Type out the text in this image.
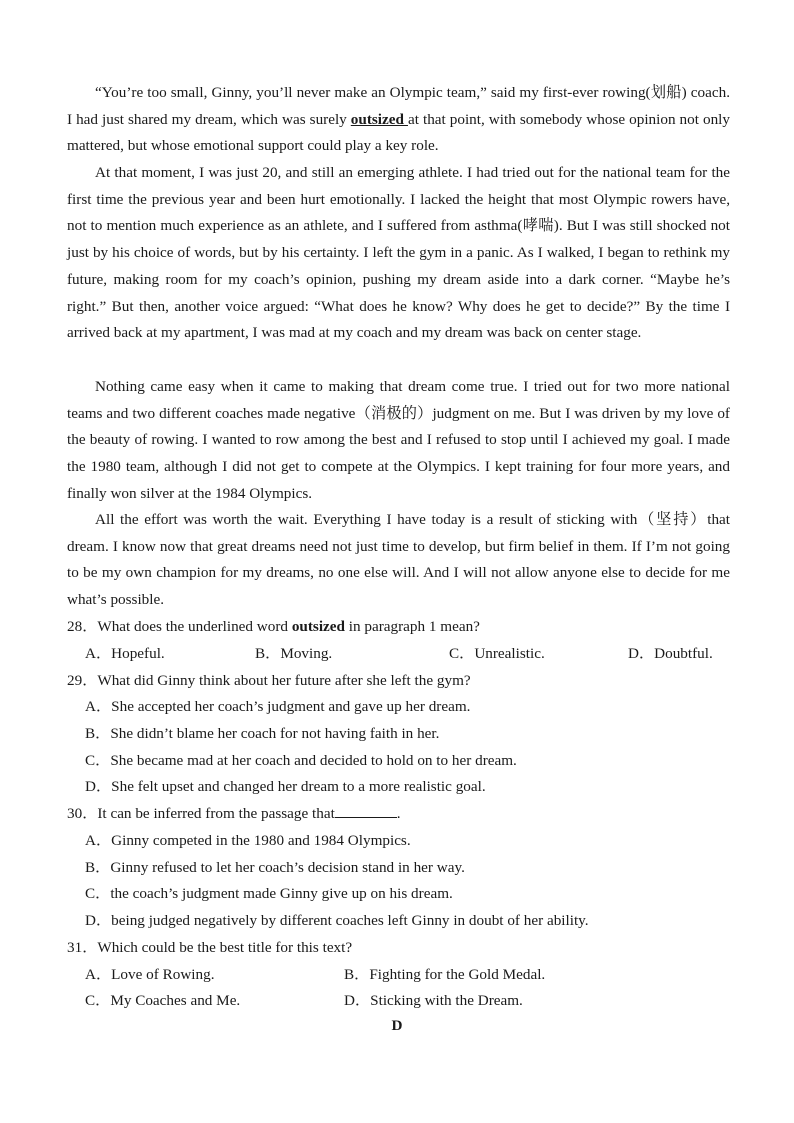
“You’re too small, Ginny, you’ll never make an Olympic team,” said my first-ever rowing(划船) coach. I had just shared my dream, which was surely outsized at that point, with somebody whose opinion not only mattered, but whose emotional support could play a key role.

At that moment, I was just 20, and still an emerging athlete. I had tried out for the national team for the first time the previous year and been hurt emotionally. I lacked the height that most Olympic rowers have, not to mention much experience as an athlete, and I suffered from asthma(哮喘). But I was still shocked not just by his choice of words, but by his certainty. I left the gym in a panic. As I walked, I began to rethink my future, making room for my coach’s opinion, pushing my dream aside into a dark corner. “Maybe he’s right.” But then, another voice argued: “What does he know? Why does he get to decide?” By the time I arrived back at my apartment, I was mad at my coach and my dream was back on center stage.

Nothing came easy when it came to making that dream come true. I tried out for two more national teams and two different coaches made negative（消极的）judgment on me. But I was driven by my love of the beauty of rowing. I wanted to row among the best and I refused to stop until I achieved my goal. I made the 1980 team, although I did not get to compete at the Olympics. I kept training for four more years, and finally won silver at the 1984 Olympics.

All the effort was worth the wait. Everything I have today is a result of sticking with（坚持）that dream. I know now that great dreams need not just time to develop, but firm belief in them. If I’m not going to be my own champion for my dreams, no one else will. And I will not allow anyone else to decide for me what’s possible.

28．What does the underlined word outsized in paragraph 1 mean?

A．Hopeful.	B．Moving.	C．Unrealistic.	D．Doubtful.

29．What did Ginny think about her future after she left the gym?

A．She accepted her coach’s judgment and gave up her dream.

B．She didn’t blame her coach for not having faith in her.

C．She became mad at her coach and decided to hold on to her dream.

D．She felt upset and changed her dream to a more realistic goal.

30．It can be inferred from the passage that	.

A．Ginny competed in the 1980 and 1984 Olympics.

B．Ginny refused to let her coach’s decision stand in her way.

C．the coach’s judgment made Ginny give up on his dream.

D．being judged negatively by different coaches left Ginny in doubt of her ability.

31．Which could be the best title for this text?

A．Love of Rowing.	B．Fighting for the Gold Medal.

C．My Coaches and Me.	D．Sticking with the Dream.

D
